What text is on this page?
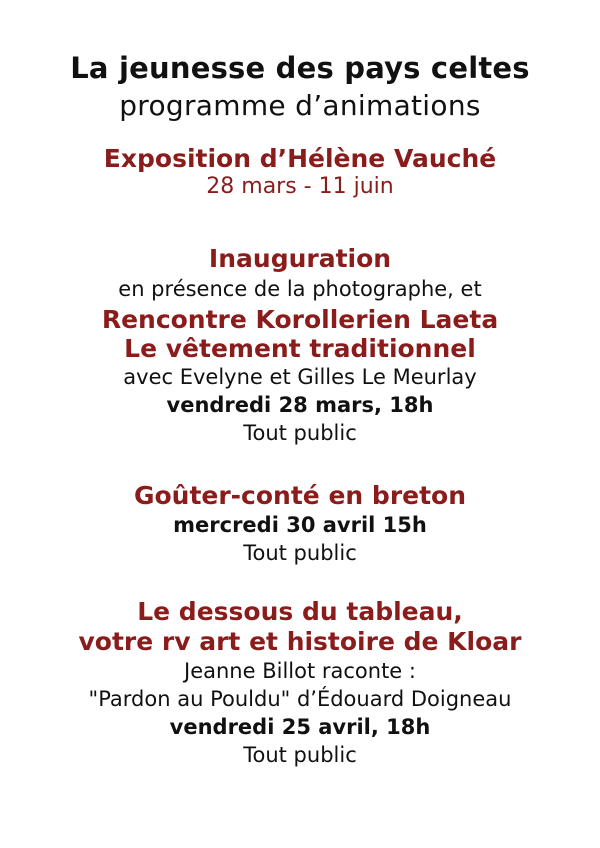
La jeunesse des pays celtes
programme d’animations
Exposition d’Hélène Vauché
28 mars - 11 juin
Inauguration
en présence de la photographe, et
Rencontre Korollerien Laeta
Le vêtement traditionnel
avec Evelyne et Gilles Le Meurlay
vendredi 28 mars, 18h
Tout public
Goûter-conté en breton
mercredi 30 avril 15h
Tout public
Le dessous du tableau,
votre rv art et histoire de Kloar
Jeanne Billot raconte :
"Pardon au Pouldu" d’Édouard Doigneau
vendredi 25 avril, 18h
Tout public
